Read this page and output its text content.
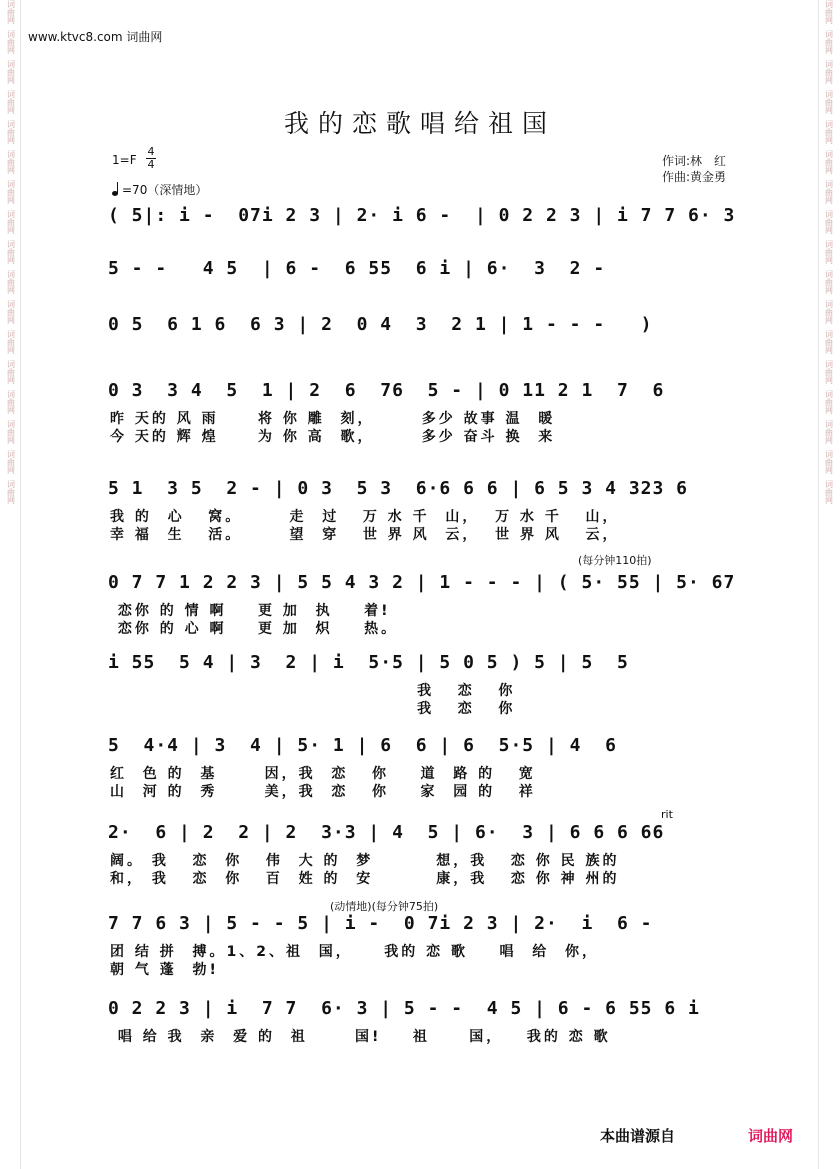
词曲网
词曲网
词曲网
词曲网
词曲网
词曲网
词曲网
词曲网
词曲网
词曲网
词曲网
词曲网
词曲网
词曲网
词曲网
词曲网
词曲网
词曲网
词曲网
词曲网
词曲网
词曲网
词曲网
词曲网
词曲网
词曲网
词曲网
词曲网
词曲网
词曲网
词曲网
词曲网
词曲网
词曲网
www.ktvc8.com 词曲网
我的恋歌唱给祖国
$1=F \frac{4}{4}$
=70（深情地）
作词:林　红
作曲:黄金勇
( 5|: i -  07i 2 3 | 2· i 6 -  | 0 2 2 3 | i 7 7 6· 3
5 - -   4 5  | 6 -  6 55  6 i | 6·  3  2 -
0 5  6 1 6  6 3 | 2  0 4  3  2 1 | 1 - - -   )
0 3  3 4  5  1 | 2  6  76  5 - | 0 11 2 1  7  6
昨 天的 风 雨     将 你 雕  刻，      多少 故事 温  暖
今 天的 辉 煌     为 你 高  歌，      多少 奋斗 换  来
5 1  3 5  2 - | 0 3  5 3  6·6 6 6 | 6 5 3 4 323 6
我 的  心   窝。      走  过   万 水 千  山，  万 水 千   山，
幸 福  生   活。      望  穿   世 界 风  云，  世 界 风   云，
0 7 7 1 2 2 3 | 5 5 4 3 2 | 1 - - - | ( 5· 55 | 5· 67
恋你 的 情 啊    更 加  执    着!
恋你 的 心 啊    更 加  炽    热。
i 55  5 4 | 3  2 | i  5·5 | 5 0 5 ) 5 | 5  5
我   恋   你
我   恋   你
5  4·4 | 3  4 | 5· 1 | 6  6 | 6  5·5 | 4  6
红  色 的  基      因，我  恋   你    道  路 的   宽
山  河 的  秀      美，我  恋   你    家  园 的   祥
2·  6 | 2  2 | 2  3·3 | 4  5 | 6·  3 | 6 6 6 66
阔。 我   恋  你   伟  大 的  梦        想，我   恋 你 民 族的
和， 我   恋  你   百  姓 的  安        康，我   恋 你 神 州的
7 7 6 3 | 5 - - 5 | i -  0 7i 2 3 | 2·  i  6 -
团 结 拼  搏。1、2、祖  国，    我的 恋 歌    唱  给  你，
朝 气 蓬  勃!
0 2 2 3 | i  7 7  6· 3 | 5 - -  4 5 | 6 - 6 55 6 i
唱 给 我  亲  爱 的  祖      国!    祖     国，   我的 恋 歌
(每分钟110拍)
rit
(动情地)(每分钟75拍)
本曲谱源自	词曲网
